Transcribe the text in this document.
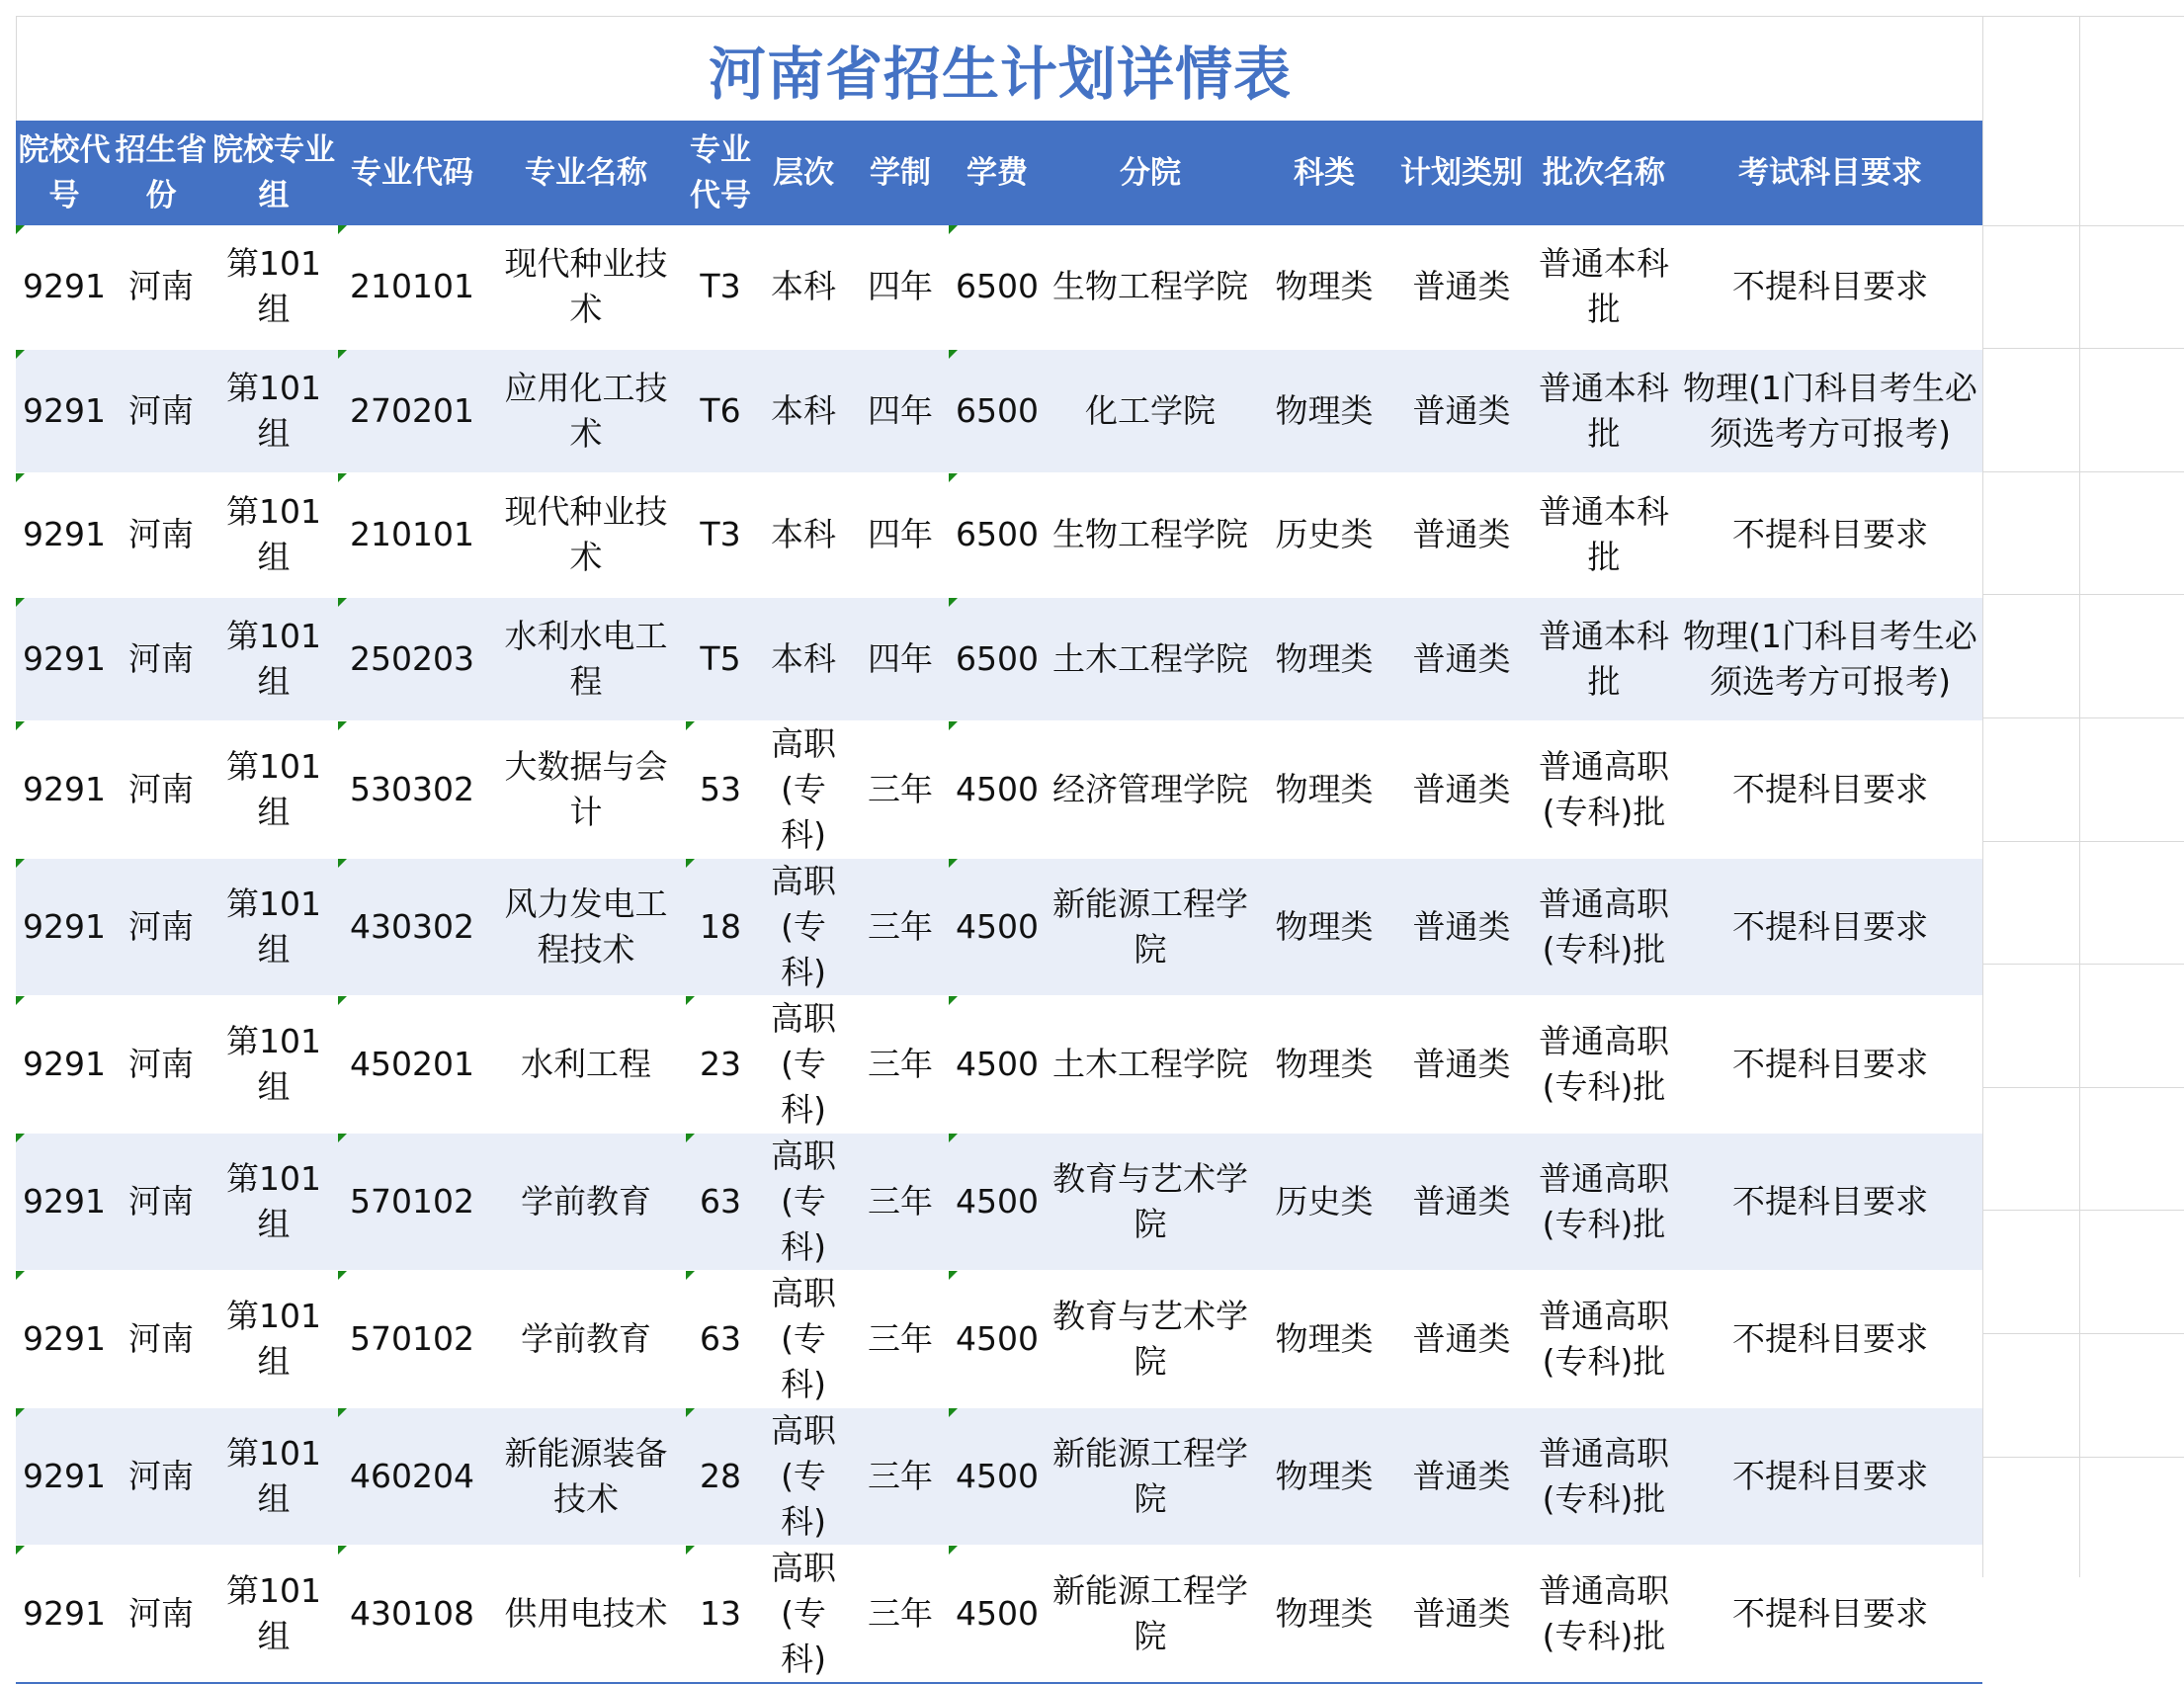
河南省招生计划详情表
院校代号	招生省份	院校专业组	专业代码	专业名称	专业代号	层次	学制	学费	分院	科类	计划类别	批次名称	考试科目要求
9291	河南	第101组	210101	现代种业技术	T3	本科	四年	6500	生物工程学院	物理类	普通类	普通本科批	不提科目要求
9291	河南	第101组	270201	应用化工技术	T6	本科	四年	6500	化工学院	物理类	普通类	普通本科批	物理(1门科目考生必须选考方可报考)

9291	河南	第101组	210101	现代种业技术	T3	本科	四年	6500	生物工程学院	历史类	普通类	普通本科批	不提科目要求
9291	河南	第101组	250203	水利水电工程	T5	本科	四年	6500	土木工程学院	物理类	普通类	普通本科批	物理(1门科目考生必须选考方可报考)

9291	河南	第101组	530302	大数据与会计	53	高职(专科)	三年	4500	经济管理学院	物理类	普通类	普通高职(专科)批	不提科目要求
9291	河南	第101组	430302	风力发电工程技术	18	高职(专科)	三年	4500	新能源工程学院	物理类	普通类	普通高职(专科)批	不提科目要求
9291	河南	第101组	450201	水利工程	23	高职(专科)	三年	4500	土木工程学院	物理类	普通类	普通高职(专科)批	不提科目要求
9291	河南	第101组	570102	学前教育	63	高职(专科)	三年	4500	教育与艺术学院	历史类	普通类	普通高职(专科)批	不提科目要求
9291	河南	第101组	570102	学前教育	63	高职(专科)	三年	4500	教育与艺术学院	物理类	普通类	普通高职(专科)批	不提科目要求
9291	河南	第101组	460204	新能源装备技术	28	高职(专科)	三年	4500	新能源工程学院	物理类	普通类	普通高职(专科)批	不提科目要求
9291	河南	第101组	430108	供用电技术	13	高职(专科)	三年	4500	新能源工程学院	物理类	普通类	普通高职(专科)批	不提科目要求
